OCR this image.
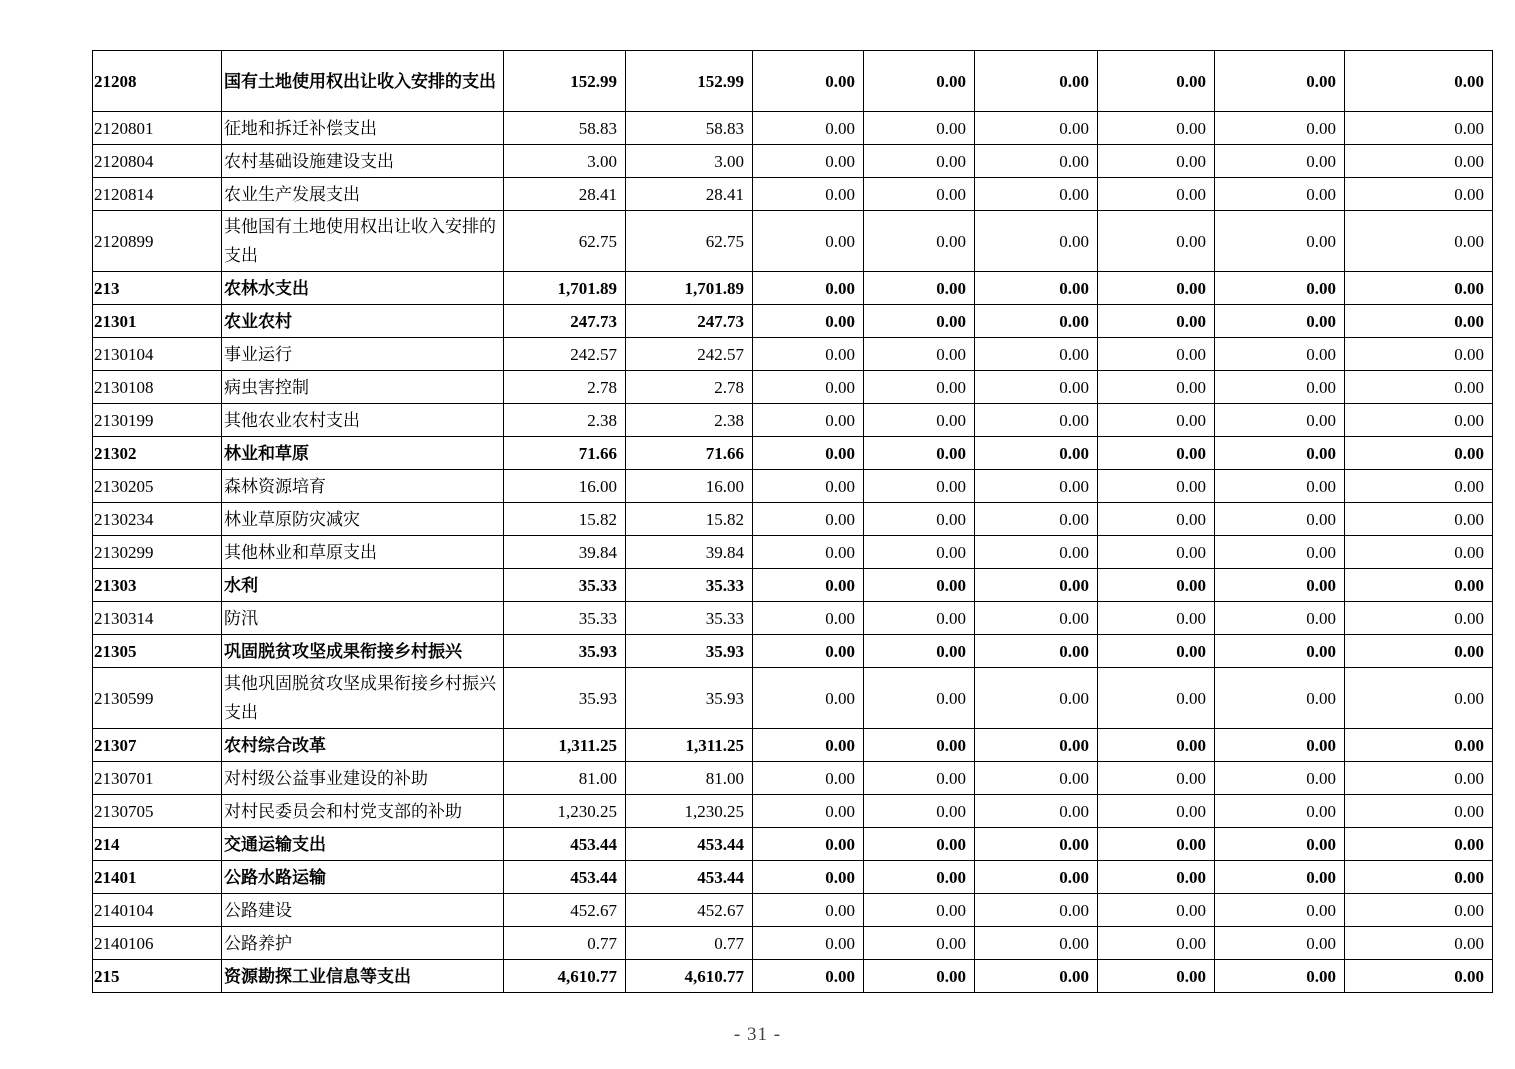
21208	国有土地使用权出让收入安排的支出	152.99	152.99	0.00	0.00	0.00	0.00	0.00	0.00
2120801	征地和拆迁补偿支出	58.83	58.83	0.00	0.00	0.00	0.00	0.00	0.00
2120804	农村基础设施建设支出	3.00	3.00	0.00	0.00	0.00	0.00	0.00	0.00
2120814	农业生产发展支出	28.41	28.41	0.00	0.00	0.00	0.00	0.00	0.00
2120899	其他国有土地使用权出让收入安排的支出	62.75	62.75	0.00	0.00	0.00	0.00	0.00	0.00
213	农林水支出	1,701.89	1,701.89	0.00	0.00	0.00	0.00	0.00	0.00
21301	农业农村	247.73	247.73	0.00	0.00	0.00	0.00	0.00	0.00
2130104	事业运行	242.57	242.57	0.00	0.00	0.00	0.00	0.00	0.00
2130108	病虫害控制	2.78	2.78	0.00	0.00	0.00	0.00	0.00	0.00
2130199	其他农业农村支出	2.38	2.38	0.00	0.00	0.00	0.00	0.00	0.00
21302	林业和草原	71.66	71.66	0.00	0.00	0.00	0.00	0.00	0.00
2130205	森林资源培育	16.00	16.00	0.00	0.00	0.00	0.00	0.00	0.00
2130234	林业草原防灾减灾	15.82	15.82	0.00	0.00	0.00	0.00	0.00	0.00
2130299	其他林业和草原支出	39.84	39.84	0.00	0.00	0.00	0.00	0.00	0.00
21303	水利	35.33	35.33	0.00	0.00	0.00	0.00	0.00	0.00
2130314	防汛	35.33	35.33	0.00	0.00	0.00	0.00	0.00	0.00
21305	巩固脱贫攻坚成果衔接乡村振兴	35.93	35.93	0.00	0.00	0.00	0.00	0.00	0.00
2130599	其他巩固脱贫攻坚成果衔接乡村振兴支出	35.93	35.93	0.00	0.00	0.00	0.00	0.00	0.00
21307	农村综合改革	1,311.25	1,311.25	0.00	0.00	0.00	0.00	0.00	0.00
2130701	对村级公益事业建设的补助	81.00	81.00	0.00	0.00	0.00	0.00	0.00	0.00
2130705	对村民委员会和村党支部的补助	1,230.25	1,230.25	0.00	0.00	0.00	0.00	0.00	0.00
214	交通运输支出	453.44	453.44	0.00	0.00	0.00	0.00	0.00	0.00
21401	公路水路运输	453.44	453.44	0.00	0.00	0.00	0.00	0.00	0.00
2140104	公路建设	452.67	452.67	0.00	0.00	0.00	0.00	0.00	0.00
2140106	公路养护	0.77	0.77	0.00	0.00	0.00	0.00	0.00	0.00
215	资源勘探工业信息等支出	4,610.77	4,610.77	0.00	0.00	0.00	0.00	0.00	0.00
- 31 -
